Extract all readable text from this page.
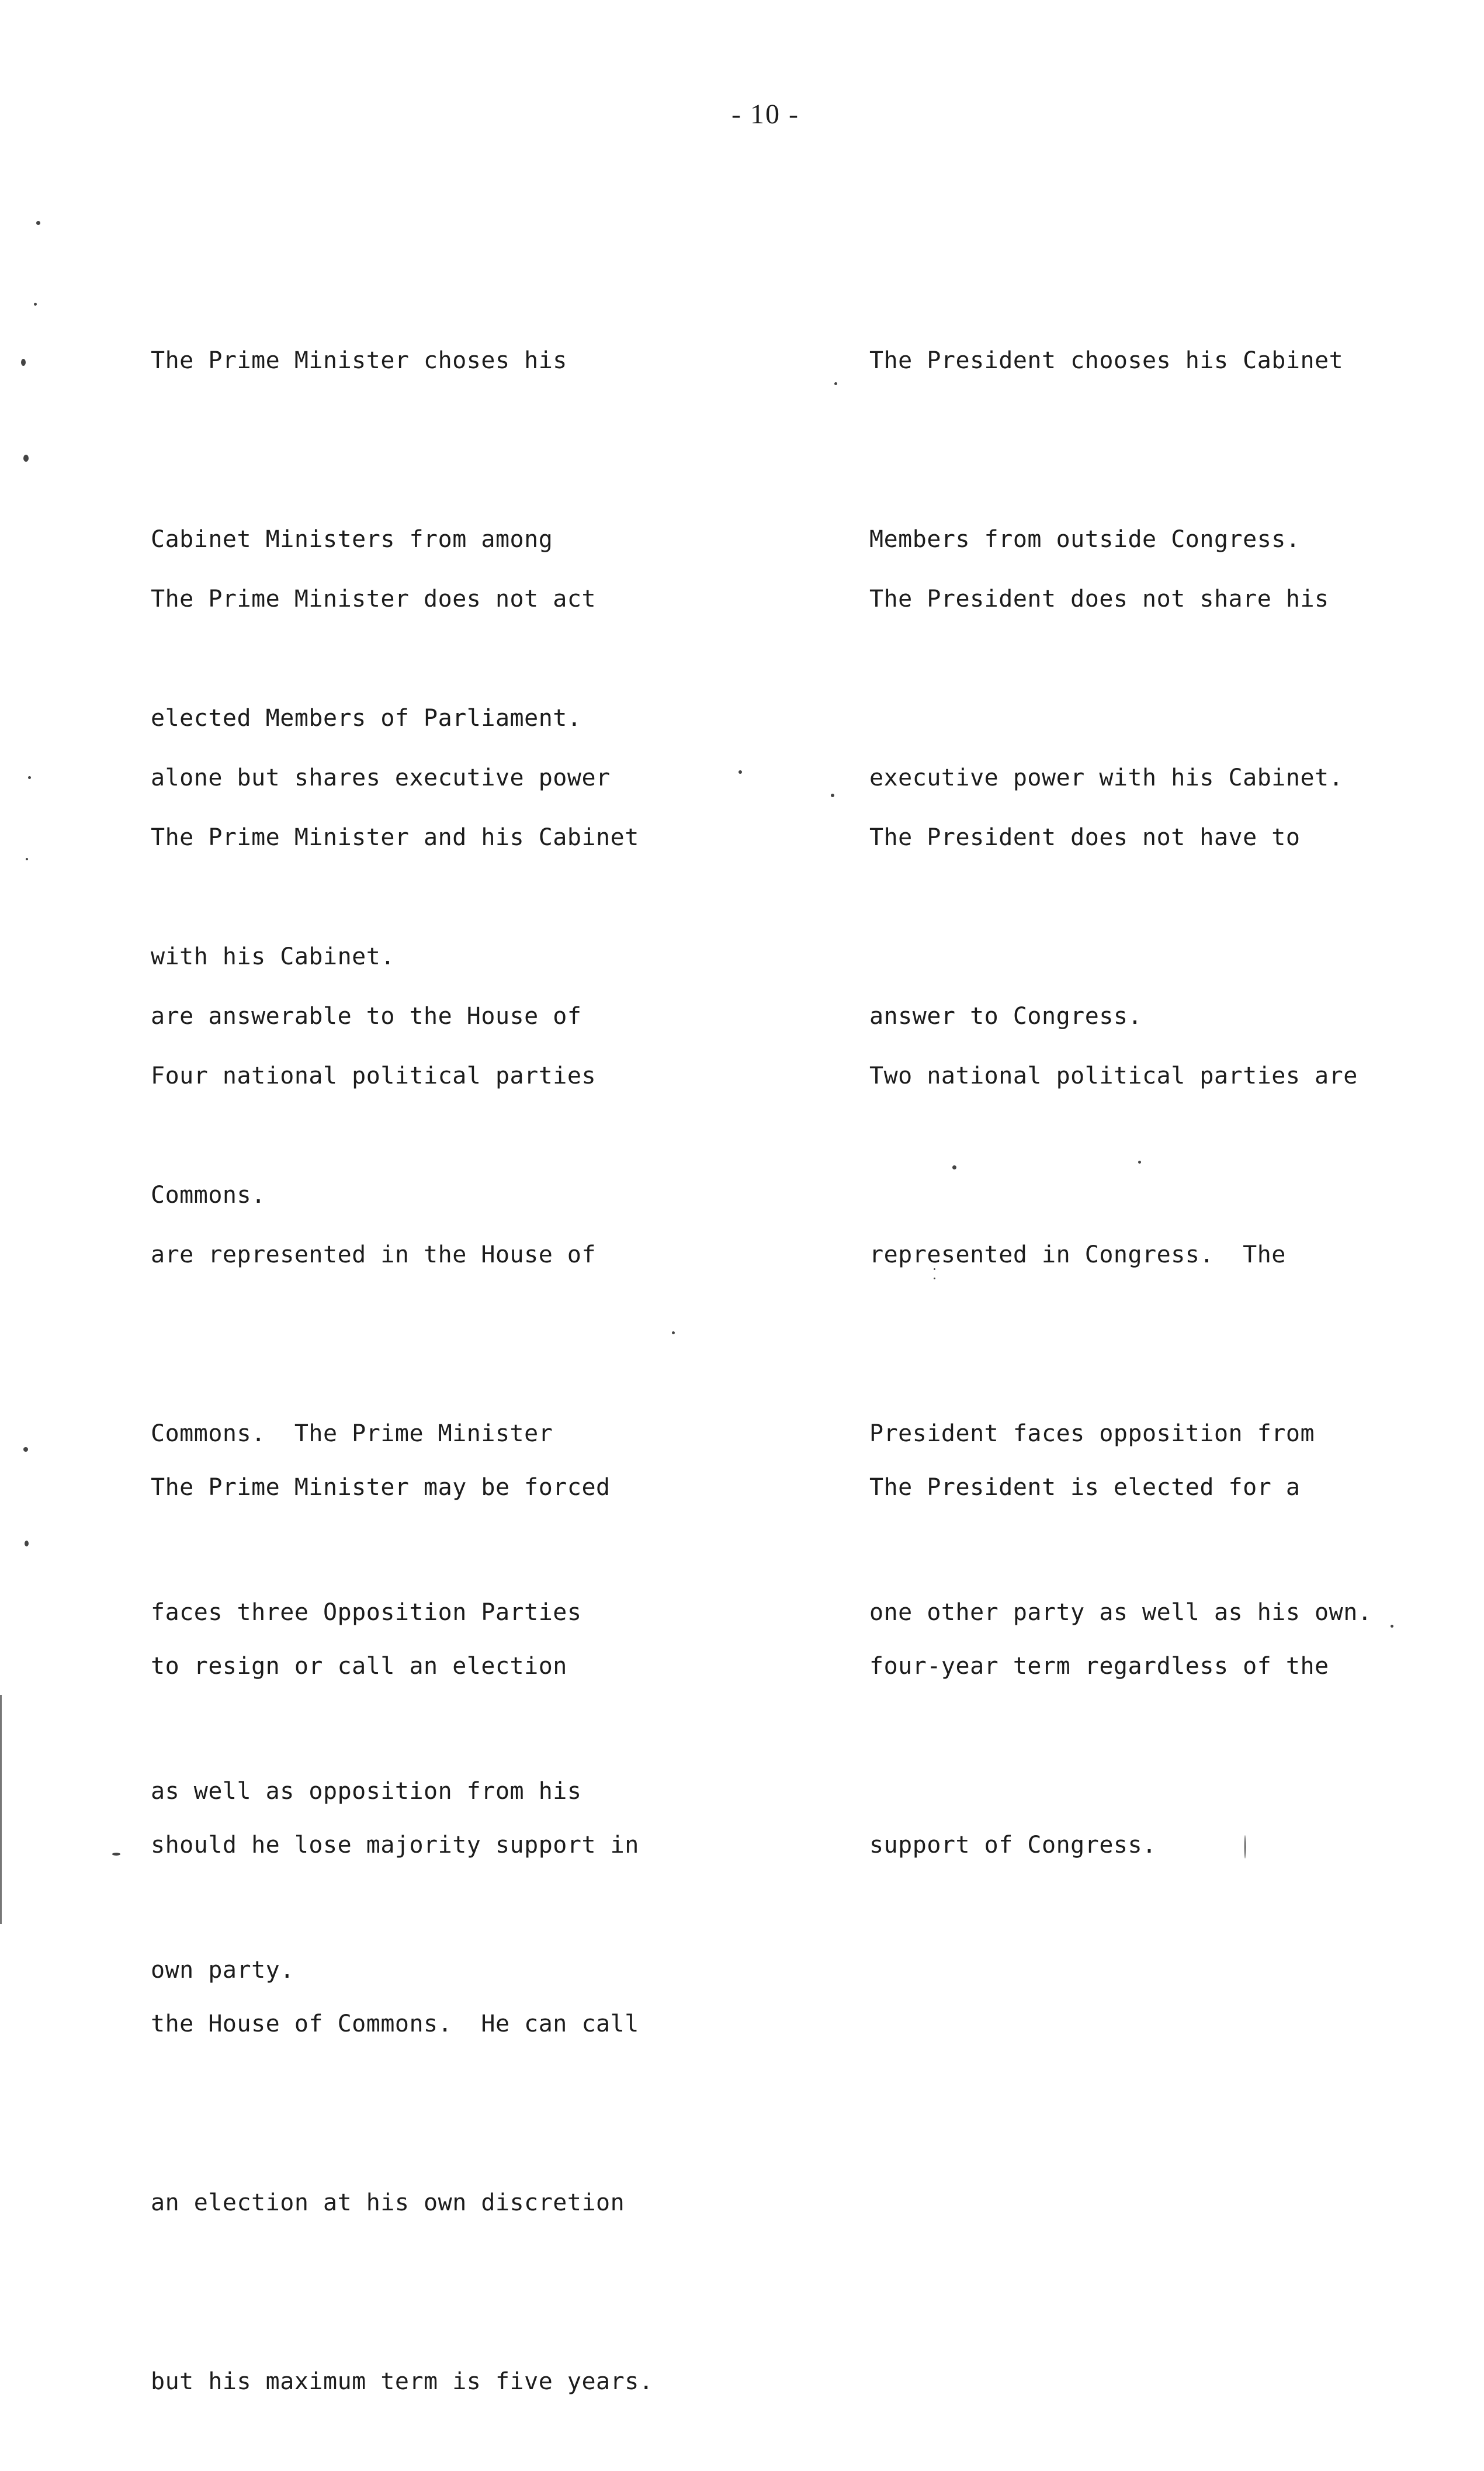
- 10 -

The Prime Minister choses his

Cabinet Ministers from among

elected Members of Parliament.

The President chooses his Cabinet

Members from outside Congress.

The Prime Minister does not act

alone but shares executive power

with his Cabinet.

The President does not share his

executive power with his Cabinet.

The Prime Minister and his Cabinet

are answerable to the House of

Commons.

The President does not have to

answer to Congress.

Four national political parties

are represented in the House of

Commons.  The Prime Minister

faces three Opposition Parties

as well as opposition from his

own party.

Two national political parties are

represented in Congress.  The

President faces opposition from

one other party as well as his own.

The Prime Minister may be forced

to resign or call an election

should he lose majority support in

the House of Commons.  He can call

an election at his own discretion

but his maximum term is five years.

The President is elected for a

four-year term regardless of the

support of Congress.
